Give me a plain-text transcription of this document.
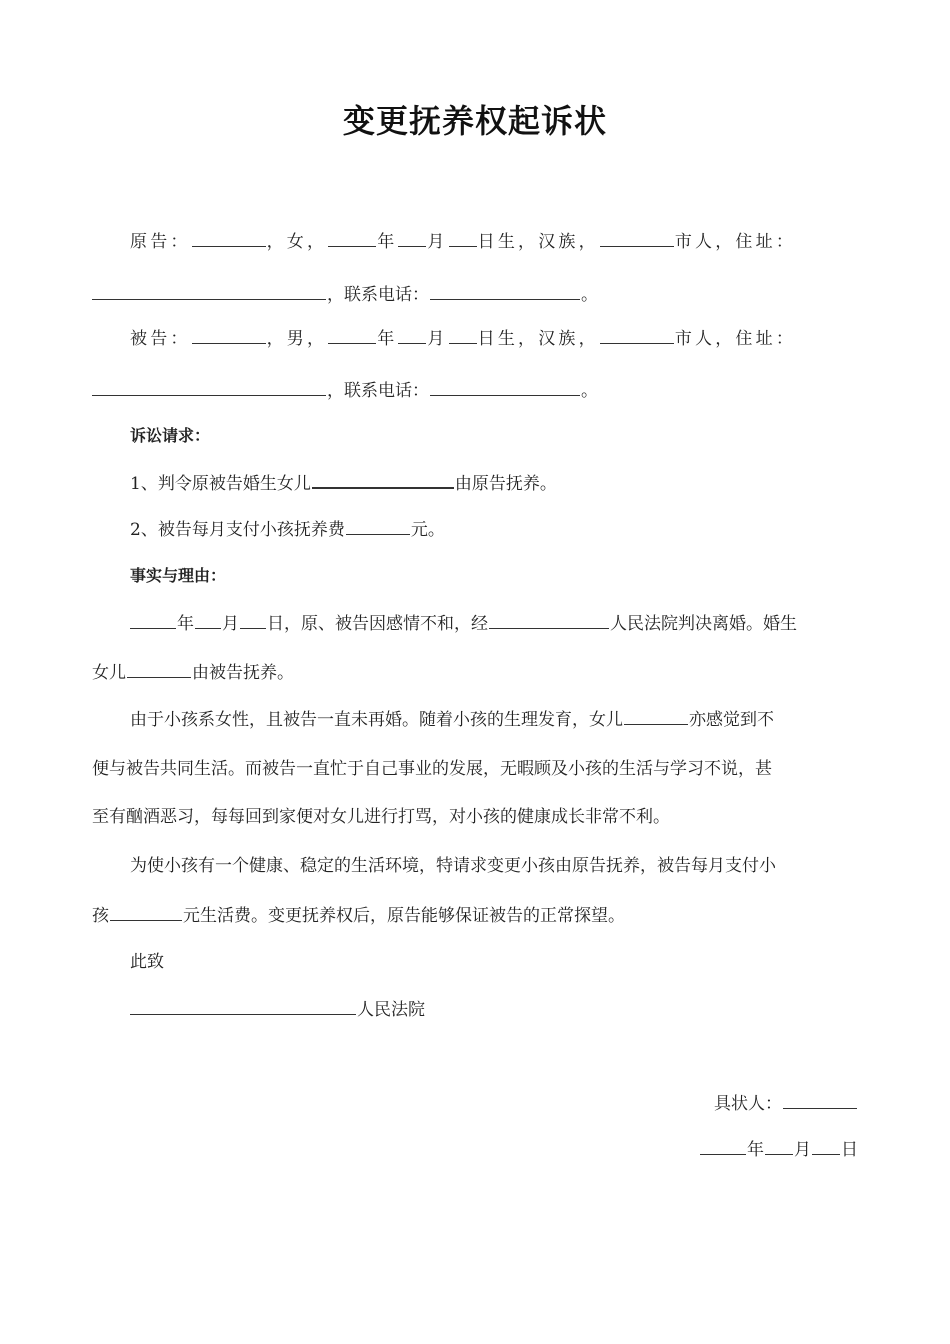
变更抚养权起诉状
原告：	，女，	年 月 日生，汉族，	市人，住址：
，联系电话：	。
被告：	，男，	年 月 日生，汉族，	市人，住址：
，联系电话：	。
诉讼请求：
1、判令原被告婚生女儿	由原告抚养。
2、被告每月支付小孩抚养费	元。
事实与理由：
年 月 日，原、被告因感情不和，经	人民法院判决离婚。婚生
女儿	由被告抚养。
由于小孩系女性，且被告一直未再婚。随着小孩的生理发育，女儿	亦感觉到不
便与被告共同生活。而被告一直忙于自己事业的发展，无暇顾及小孩的生活与学习不说，甚
至有酗酒恶习，每每回到家便对女儿进行打骂，对小孩的健康成长非常不利。
为使小孩有一个健康、稳定的生活环境，特请求变更小孩由原告抚养，被告每月支付小
孩	元生活费。变更抚养权后，原告能够保证被告的正常探望。
此致
人民法院
具状人：
年 月 日
